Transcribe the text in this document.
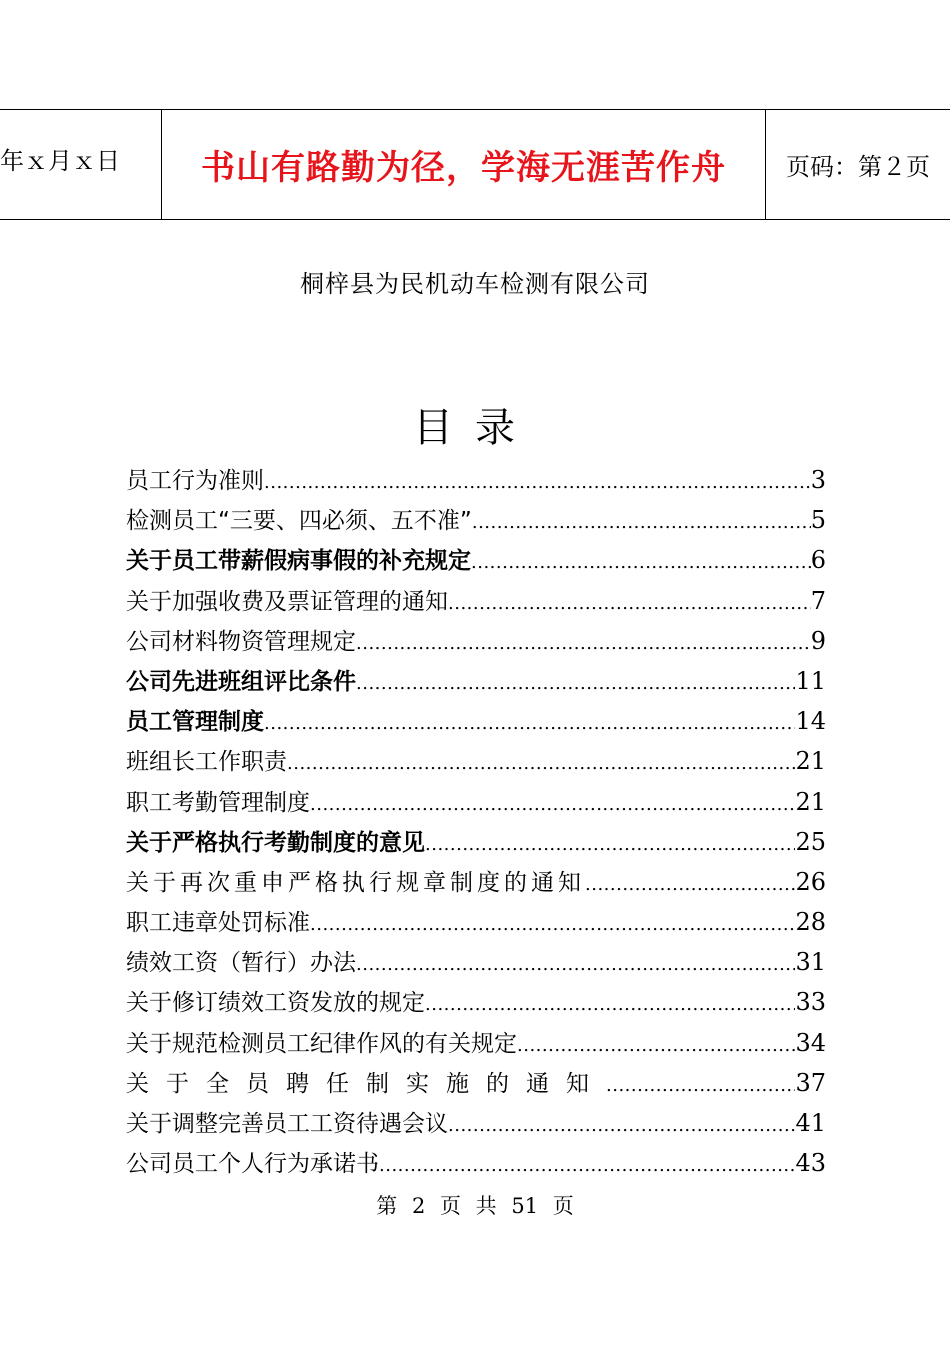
年ｘ月ｘ日	书山有路勤为径，学海无涯苦作舟	页码：第２页
桐梓县为民机动车检测有限公司
目录
员工行为准则 .....	3
检测员工“三要、四必须、五不准” .....	5
关于员工带薪假病事假的补充规定 .....	6
关于加强收费及票证管理的通知 .....	7
公司材料物资管理规定 .....	9
公司先进班组评比条件 .....	11
员工管理制度 .....	14
班组长工作职责 .....	21
职工考勤管理制度 .....	21
关于严格执行考勤制度的意见 .....	25
关于再次重申严格执行规章制度的通知 .....	26
职工违章处罚标准 .....	28
绩效工资（暂行）办法 .....	31
关于修订绩效工资发放的规定 .....	33
关于规范检测员工纪律作风的有关规定 .....	34
关于全员聘任制实施的通知 .....	37
关于调整完善员工工资待遇会议 .....	41
公司员工个人行为承诺书 .....	43
第 2 页 共 51 页
